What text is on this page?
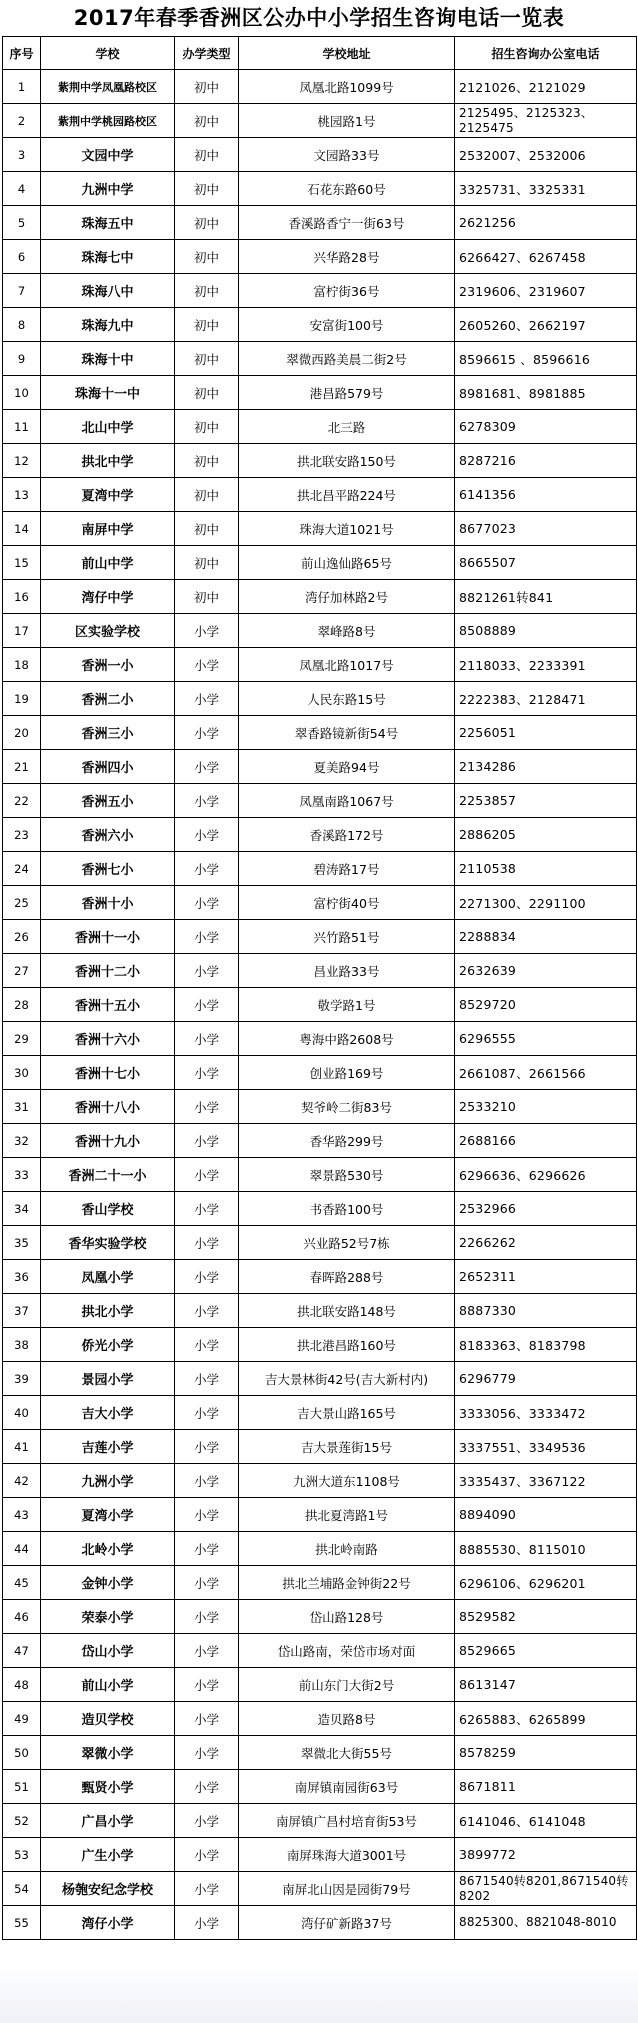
2017年春季香洲区公办中小学招生咨询电话一览表
序号	学校	办学类型	学校地址	招生咨询办公室电话
1	紫荆中学凤凰路校区	初中	凤凰北路1099号	2121026、2121029
2	紫荆中学桃园路校区	初中	桃园路1号	2125495、2125323、2125475
3	文园中学	初中	文园路33号	2532007、2532006
4	九洲中学	初中	石花东路60号	3325731、3325331
5	珠海五中	初中	香溪路香宁一街63号	2621256
6	珠海七中	初中	兴华路28号	6266427、6267458
7	珠海八中	初中	富柠街36号	2319606、2319607
8	珠海九中	初中	安富街100号	2605260、2662197
9	珠海十中	初中	翠微西路美晨二街2号	8596615 、8596616
10	珠海十一中	初中	港昌路579号	8981681、8981885
11	北山中学	初中	北三路	6278309
12	拱北中学	初中	拱北联安路150号	8287216
13	夏湾中学	初中	拱北昌平路224号	6141356
14	南屏中学	初中	珠海大道1021号	8677023
15	前山中学	初中	前山逸仙路65号	8665507
16	湾仔中学	初中	湾仔加林路2号	8821261转841
17	区实验学校	小学	翠峰路8号	8508889
18	香洲一小	小学	凤凰北路1017号	2118033、2233391
19	香洲二小	小学	人民东路15号	2222383、2128471
20	香洲三小	小学	翠香路镜新街54号	2256051
21	香洲四小	小学	夏美路94号	2134286
22	香洲五小	小学	凤凰南路1067号	2253857
23	香洲六小	小学	香溪路172号	2886205
24	香洲七小	小学	碧涛路17号	2110538
25	香洲十小	小学	富柠街40号	2271300、2291100
26	香洲十一小	小学	兴竹路51号	2288834
27	香洲十二小	小学	昌业路33号	2632639
28	香洲十五小	小学	敬学路1号	8529720
29	香洲十六小	小学	粤海中路2608号	6296555
30	香洲十七小	小学	创业路169号	2661087、2661566
31	香洲十八小	小学	契爷岭二街83号	2533210
32	香洲十九小	小学	香华路299号	2688166
33	香洲二十一小	小学	翠景路530号	6296636、6296626
34	香山学校	小学	书香路100号	2532966
35	香华实验学校	小学	兴业路52号7栋	2266262
36	凤凰小学	小学	春晖路288号	2652311
37	拱北小学	小学	拱北联安路148号	8887330
38	侨光小学	小学	拱北港昌路160号	8183363、8183798
39	景园小学	小学	吉大景林街42号(吉大新村内)	6296779
40	吉大小学	小学	吉大景山路165号	3333056、3333472
41	吉莲小学	小学	吉大景莲街15号	3337551、3349536
42	九洲小学	小学	九洲大道东1108号	3335437、3367122
43	夏湾小学	小学	拱北夏湾路1号	8894090
44	北岭小学	小学	拱北岭南路	8885530、8115010
45	金钟小学	小学	拱北兰埔路金钟街22号	6296106、6296201
46	荣泰小学	小学	岱山路128号	8529582
47	岱山小学	小学	岱山路南，荣岱市场对面	8529665
48	前山小学	小学	前山东门大街2号	8613147
49	造贝学校	小学	造贝路8号	6265883、6265899
50	翠微小学	小学	翠微北大街55号	8578259
51	甄贤小学	小学	南屏镇南园街63号	8671811
52	广昌小学	小学	南屏镇广昌村培育街53号	6141046、6141048
53	广生小学	小学	南屏珠海大道3001号	3899772
54	杨匏安纪念学校	小学	南屏北山因是园街79号	8671540转8201,8671540转8202
55	湾仔小学	小学	湾仔矿新路37号	8825300、8821048-8010
